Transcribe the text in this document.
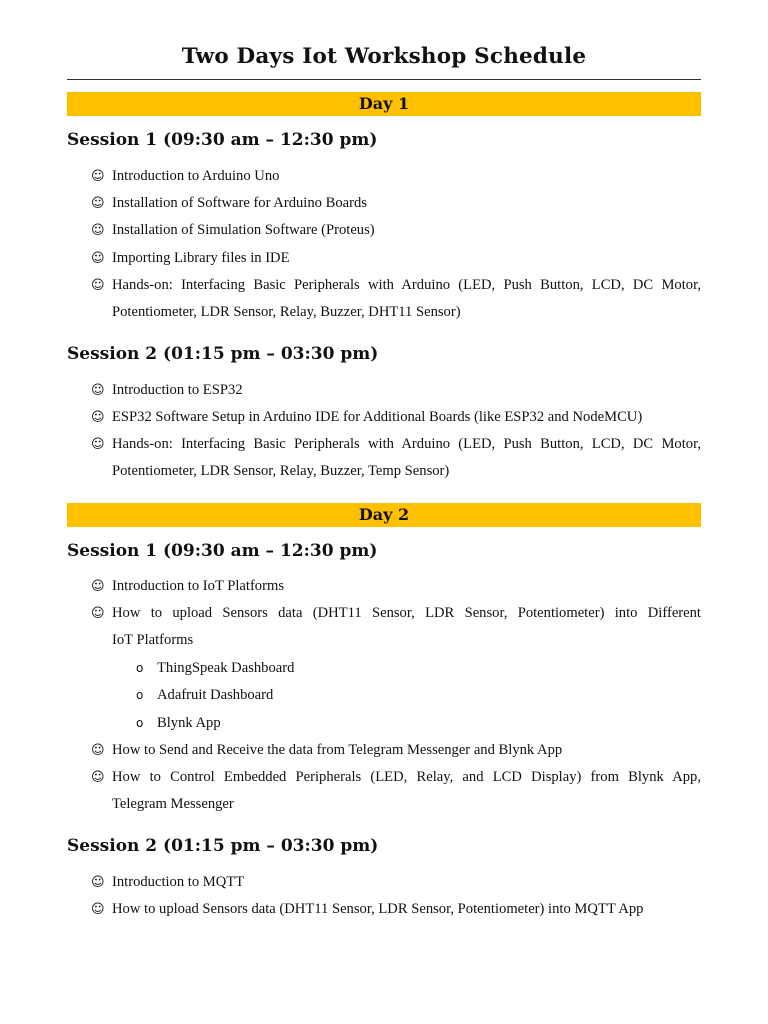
Two Days Iot Workshop Schedule
Day 1
Session 1 (09:30 am – 12:30 pm)
☺ Introduction to Arduino Uno
☺ Installation of Software for Arduino Boards
☺ Installation of Simulation Software (Proteus)
☺ Importing Library files in IDE
☺ Hands-on: Interfacing Basic Peripherals with Arduino (LED, Push Button, LCD, DC Motor,
Potentiometer, LDR Sensor, Relay, Buzzer, DHT11 Sensor)
Session 2 (01:15 pm – 03:30 pm)
☺ Introduction to ESP32
☺ ESP32 Software Setup in Arduino IDE for Additional Boards (like ESP32 and NodeMCU)
☺ Hands-on: Interfacing Basic Peripherals with Arduino (LED, Push Button, LCD, DC Motor,
Potentiometer, LDR Sensor, Relay, Buzzer, Temp Sensor)
Day 2
Session 1 (09:30 am – 12:30 pm)
☺ Introduction to IoT Platforms
☺ How to upload Sensors data (DHT11 Sensor, LDR Sensor, Potentiometer) into Different
IoT Platforms
o ThingSpeak Dashboard
o Adafruit Dashboard
o Blynk App
☺ How to Send and Receive the data from Telegram Messenger and Blynk App
☺ How to Control Embedded Peripherals (LED, Relay, and LCD Display) from Blynk App,
Telegram Messenger
Session 2 (01:15 pm – 03:30 pm)
☺ Introduction to MQTT
☺ How to upload Sensors data (DHT11 Sensor, LDR Sensor, Potentiometer) into MQTT App
